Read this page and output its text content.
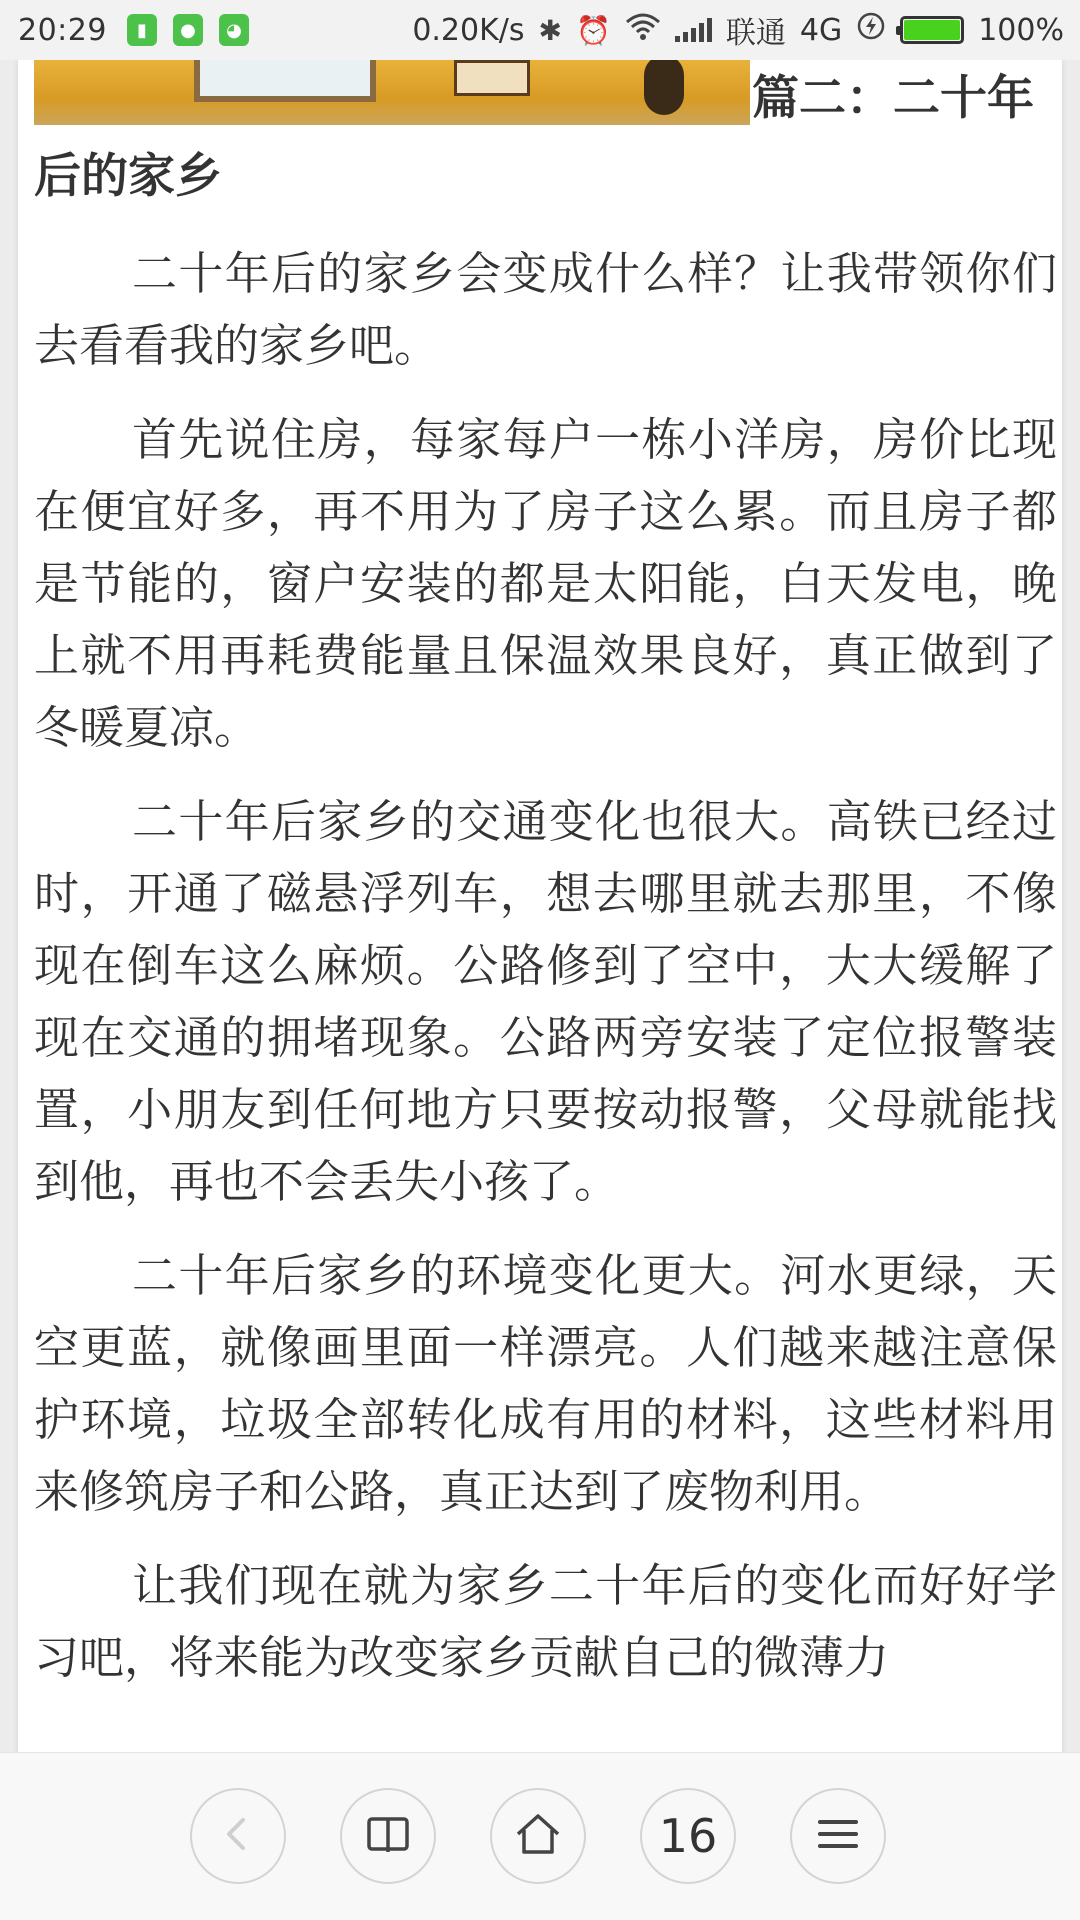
20:29	▮	●	◕	0.20K/s ✱ ⏰	联通 4G	100%
篇二：二十年
后的家乡

二十年后的家乡会变成什么样？让我带领你们去看看我的家乡吧。

首先说住房，每家每户一栋小洋房，房价比现在便宜好多，再不用为了房子这么累。而且房子都是节能的，窗户安装的都是太阳能，白天发电，晚上就不用再耗费能量且保温效果良好，真正做到了冬暖夏凉。

二十年后家乡的交通变化也很大。高铁已经过时，开通了磁悬浮列车，想去哪里就去那里，不像现在倒车这么麻烦。公路修到了空中，大大缓解了现在交通的拥堵现象。公路两旁安装了定位报警装置，小朋友到任何地方只要按动报警，父母就能找到他，再也不会丢失小孩了。

二十年后家乡的环境变化更大。河水更绿，天空更蓝，就像画里面一样漂亮。人们越来越注意保护环境，垃圾全部转化成有用的材料，这些材料用来修筑房子和公路，真正达到了废物利用。

让我们现在就为家乡二十年后的变化而好好学习吧，将来能为改变家乡贡献自己的微薄力

16
